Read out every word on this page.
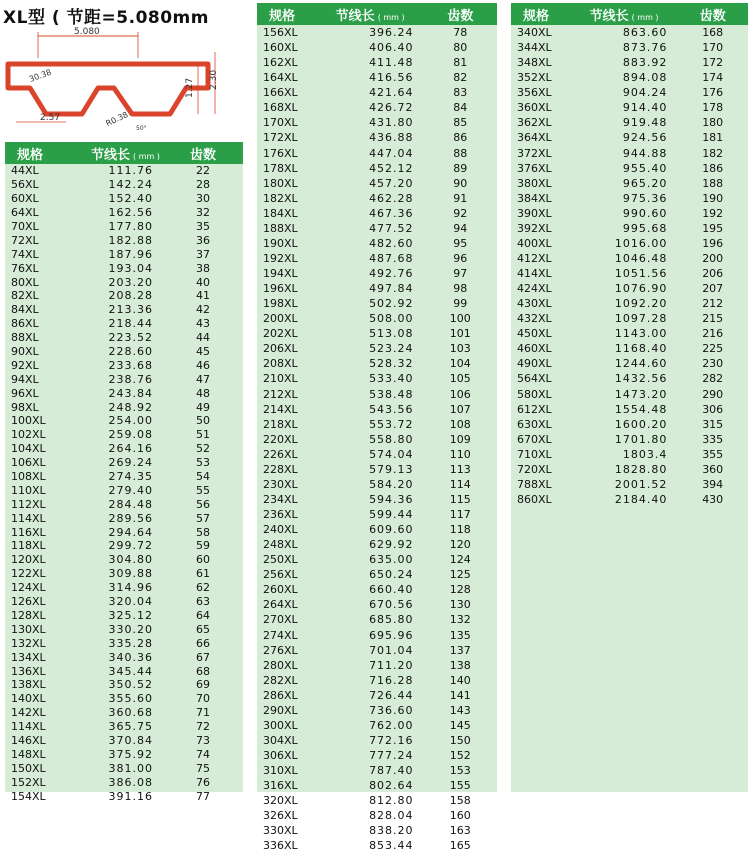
XL型 ( 节距=5.080mm
5.080
1.27 2.30
30.38
2.57	R0.38
50°
规格	节线长 ( mm )	齿数
44XL	111.76	22
56XL	142.24	28
60XL	152.40	30
64XL	162.56	32
70XL	177.80	35
72XL	182.88	36
74XL	187.96	37
76XL	193.04	38
80XL	203.20	40
82XL	208.28	41
84XL	213.36	42
86XL	218.44	43
88XL	223.52	44
90XL	228.60	45
92XL	233.68	46
94XL	238.76	47
96XL	243.84	48
98XL	248.92	49
100XL	254.00	50
102XL	259.08	51
104XL	264.16	52
106XL	269.24	53
108XL	274.35	54
110XL	279.40	55
112XL	284.48	56
114XL	289.56	57
116XL	294.64	58
118XL	299.72	59
120XL	304.80	60
122XL	309.88	61
124XL	314.96	62
126XL	320.04	63
128XL	325.12	64
130XL	330.20	65
132XL	335.28	66
134XL	340.36	67
136XL	345.44	68
138XL	350.52	69
140XL	355.60	70
142XL	360.68	71
114XL	365.75	72
146XL	370.84	73
148XL	375.92	74
150XL	381.00	75
152XL	386.08	76
154XL	391.16	77
规格	节线长 ( mm )	齿数
156XL	396.24	78
160XL	406.40	80
162XL	411.48	81
164XL	416.56	82
166XL	421.64	83
168XL	426.72	84
170XL	431.80	85
172XL	436.88	86
176XL	447.04	88
178XL	452.12	89
180XL	457.20	90
182XL	462.28	91
184XL	467.36	92
188XL	477.52	94
190XL	482.60	95
192XL	487.68	96
194XL	492.76	97
196XL	497.84	98
198XL	502.92	99
200XL	508.00	100
202XL	513.08	101
206XL	523.24	103
208XL	528.32	104
210XL	533.40	105
212XL	538.48	106
214XL	543.56	107
218XL	553.72	108
220XL	558.80	109
226XL	574.04	110
228XL	579.13	113
230XL	584.20	114
234XL	594.36	115
236XL	599.44	117
240XL	609.60	118
248XL	629.92	120
250XL	635.00	124
256XL	650.24	125
260XL	660.40	128
264XL	670.56	130
270XL	685.80	132
274XL	695.96	135
276XL	701.04	137
280XL	711.20	138
282XL	716.28	140
286XL	726.44	141
290XL	736.60	143
300XL	762.00	145
304XL	772.16	150
306XL	777.24	152
310XL	787.40	153
316XL	802.64	155
320XL	812.80	158
326XL	828.04	160
330XL	838.20	163
336XL	853.44	165
规格	节线长 ( mm )	齿数
340XL	863.60	168
344XL	873.76	170
348XL	883.92	172
352XL	894.08	174
356XL	904.24	176
360XL	914.40	178
362XL	919.48	180
364XL	924.56	181
372XL	944.88	182
376XL	955.40	186
380XL	965.20	188
384XL	975.36	190
390XL	990.60	192
392XL	995.68	195
400XL	1016.00	196
412XL	1046.48	200
414XL	1051.56	206
424XL	1076.90	207
430XL	1092.20	212
432XL	1097.28	215
450XL	1143.00	216
460XL	1168.40	225
490XL	1244.60	230
564XL	1432.56	282
580XL	1473.20	290
612XL	1554.48	306
630XL	1600.20	315
670XL	1701.80	335
710XL	1803.4	355
720XL	1828.80	360
788XL	2001.52	394
860XL	2184.40	430
